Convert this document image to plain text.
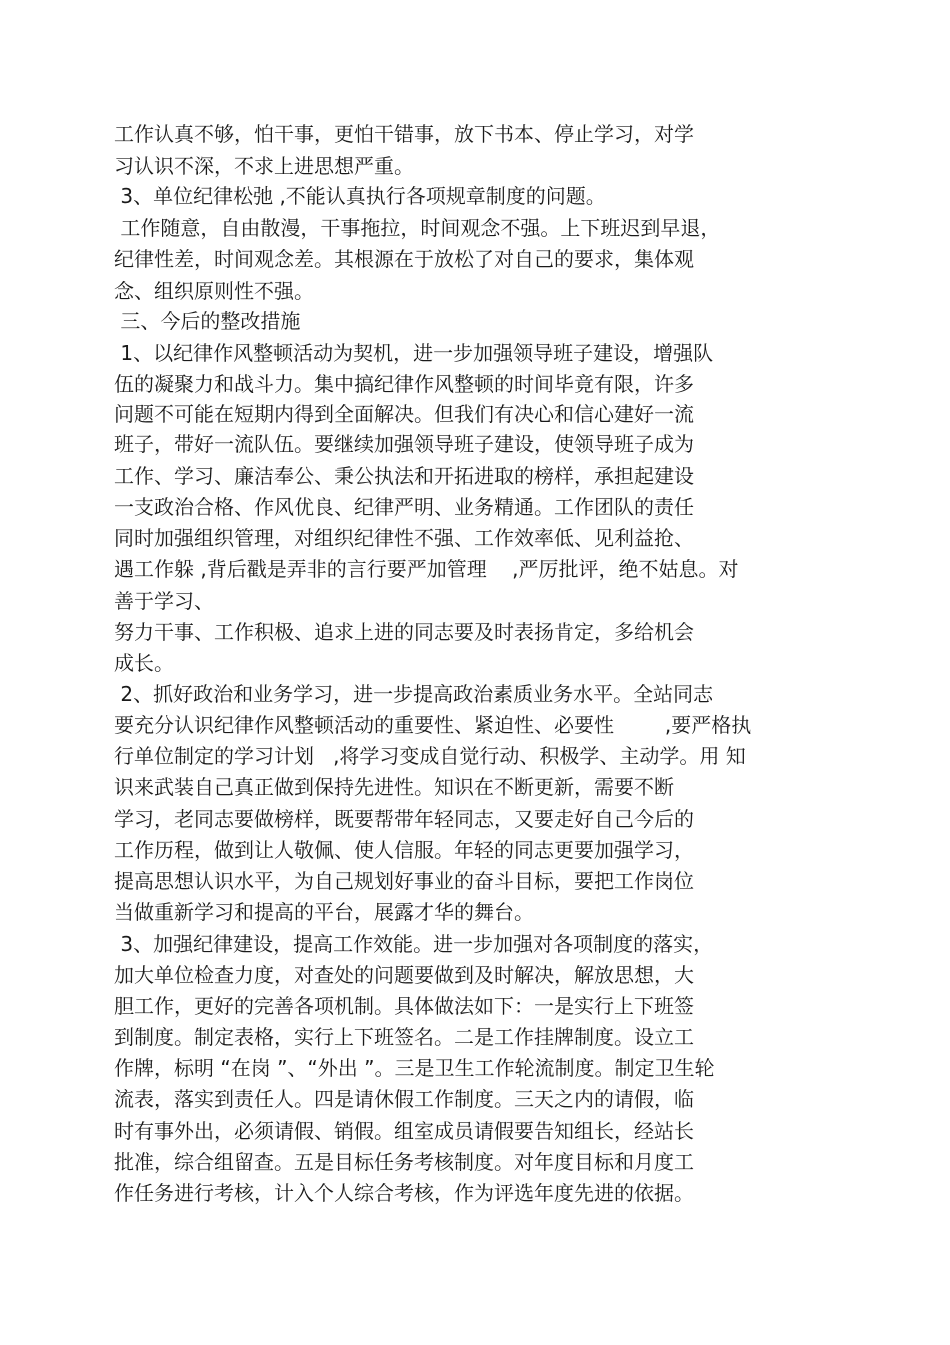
工作认真不够，怕干事，更怕干错事，放下书本、停止学习，对学
习认识不深，不求上进思想严重。
3、单位纪律松弛 ,不能认真执行各项规章制度的问题。
工作随意，自由散漫，干事拖拉，时间观念不强。上下班迟到早退，
纪律性差，时间观念差。其根源在于放松了对自己的要求，集体观
念、组织原则性不强。
三、今后的整改措施
1、以纪律作风整顿活动为契机，进一步加强领导班子建设，增强队
伍的凝聚力和战斗力。集中搞纪律作风整顿的时间毕竟有限，许多
问题不可能在短期内得到全面解决。但我们有决心和信心建好一流
班子，带好一流队伍。要继续加强领导班子建设，使领导班子成为
工作、学习、廉洁奉公、秉公执法和开拓进取的榜样，承担起建设
一支政治合格、作风优良、纪律严明、业务精通。工作团队的责任
同时加强组织管理，对组织纪律性不强、工作效率低、见利益抢、
遇工作躲 ,背后戳是弄非的言行要严加管理    ,严厉批评，绝不姑息。对
善于学习、
努力干事、工作积极、追求上进的同志要及时表扬肯定，多给机会
成长。
2、抓好政治和业务学习，进一步提高政治素质业务水平。全站同志
要充分认识纪律作风整顿活动的重要性、紧迫性、必要性        ,要严格执
行单位制定的学习计划   ,将学习变成自觉行动、积极学、主动学。用 知
识来武装自己真正做到保持先进性。知识在不断更新，需要不断
学习，老同志要做榜样，既要帮带年轻同志，又要走好自己今后的
工作历程，做到让人敬佩、使人信服。年轻的同志更要加强学习，
提高思想认识水平，为自己规划好事业的奋斗目标，要把工作岗位
当做重新学习和提高的平台，展露才华的舞台。
3、加强纪律建设，提高工作效能。进一步加强对各项制度的落实，
加大单位检查力度，对查处的问题要做到及时解决，解放思想，大
胆工作，更好的完善各项机制。具体做法如下：一是实行上下班签
到制度。制定表格，实行上下班签名。二是工作挂牌制度。设立工
作牌，标明 “在岗 ”、“外出 ”。三是卫生工作轮流制度。制定卫生轮
流表，落实到责任人。四是请休假工作制度。三天之内的请假，临
时有事外出，必须请假、销假。组室成员请假要告知组长，经站长
批准，综合组留查。五是目标任务考核制度。对年度目标和月度工
作任务进行考核，计入个人综合考核，作为评选年度先进的依据。
